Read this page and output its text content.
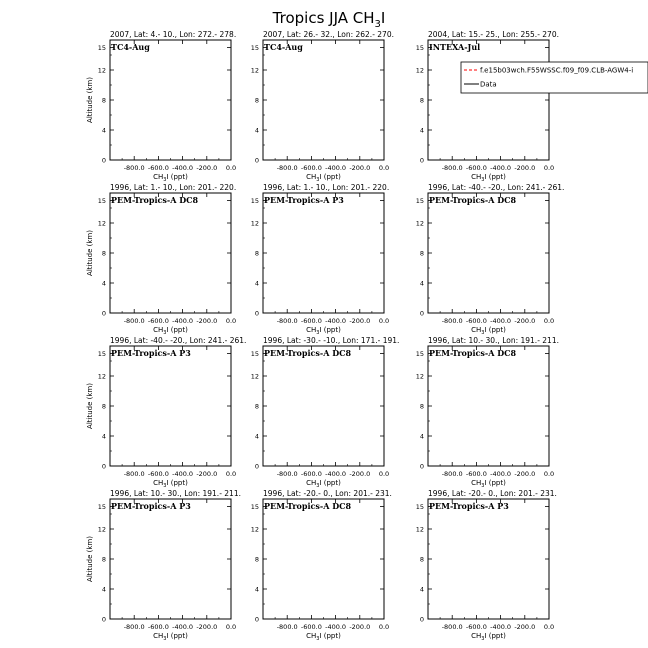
Tropics JJA $CH_3I$
2007, Lat: 4.- 10., Lon: 272.- 278.
TC4-Aug
-800.0 -600.0 -400.0 -200.0 0.0
0
4
8
12
15
$CH_3I$ (ppt)
Altitude (km)
2007, Lat: 26.- 32., Lon: 262.- 270.
TC4-Aug
-800.0 -600.0 -400.0 -200.0 0.0
0
4
8
12
15
$CH_3I$ (ppt)
2004, Lat: 15.- 25., Lon: 255.- 270.
INTEXA-Jul
-800.0 -600.0 -400.0 -200.0 0.0
0
4
8
12
15
$CH_3I$ (ppt)
1996, Lat: 1.- 10., Lon: 201.- 220.
PEM-Tropics-A DC8
-800.0 -600.0 -400.0 -200.0 0.0
0
4
8
12
15
$CH_3I$ (ppt)
Altitude (km)
1996, Lat: 1.- 10., Lon: 201.- 220.
PEM-Tropics-A P3
-800.0 -600.0 -400.0 -200.0 0.0
0
4
8
12
15
$CH_3I$ (ppt)
1996, Lat: -40.- -20., Lon: 241.- 261.
PEM-Tropics-A DC8
-800.0 -600.0 -400.0 -200.0 0.0
0
4
8
12
15
$CH_3I$ (ppt)
1996, Lat: -40.- -20., Lon: 241.- 261.
PEM-Tropics-A P3
-800.0 -600.0 -400.0 -200.0 0.0
0
4
8
12
15
$CH_3I$ (ppt)
Altitude (km)
1996, Lat: -30.- -10., Lon: 171.- 191.
PEM-Tropics-A DC8
-800.0 -600.0 -400.0 -200.0 0.0
0
4
8
12
15
$CH_3I$ (ppt)
1996, Lat: 10.- 30., Lon: 191.- 211.
PEM-Tropics-A DC8
-800.0 -600.0 -400.0 -200.0 0.0
0
4
8
12
15
$CH_3I$ (ppt)
1996, Lat: 10.- 30., Lon: 191.- 211.
PEM-Tropics-A P3
-800.0 -600.0 -400.0 -200.0 0.0
0
4
8
12
15
$CH_3I$ (ppt)
Altitude (km)
1996, Lat: -20.- 0., Lon: 201.- 231.
PEM-Tropics-A DC8
-800.0 -600.0 -400.0 -200.0 0.0
0
4
8
12
15
$CH_3I$ (ppt)
1996, Lat: -20.- 0., Lon: 201.- 231.
PEM-Tropics-A P3
-800.0 -600.0 -400.0 -200.0 0.0
0
4
8
12
15
$CH_3I$ (ppt)
f.e15b03wch.F55WSSC.f09_f09.CLB-AGW4-i
Data
